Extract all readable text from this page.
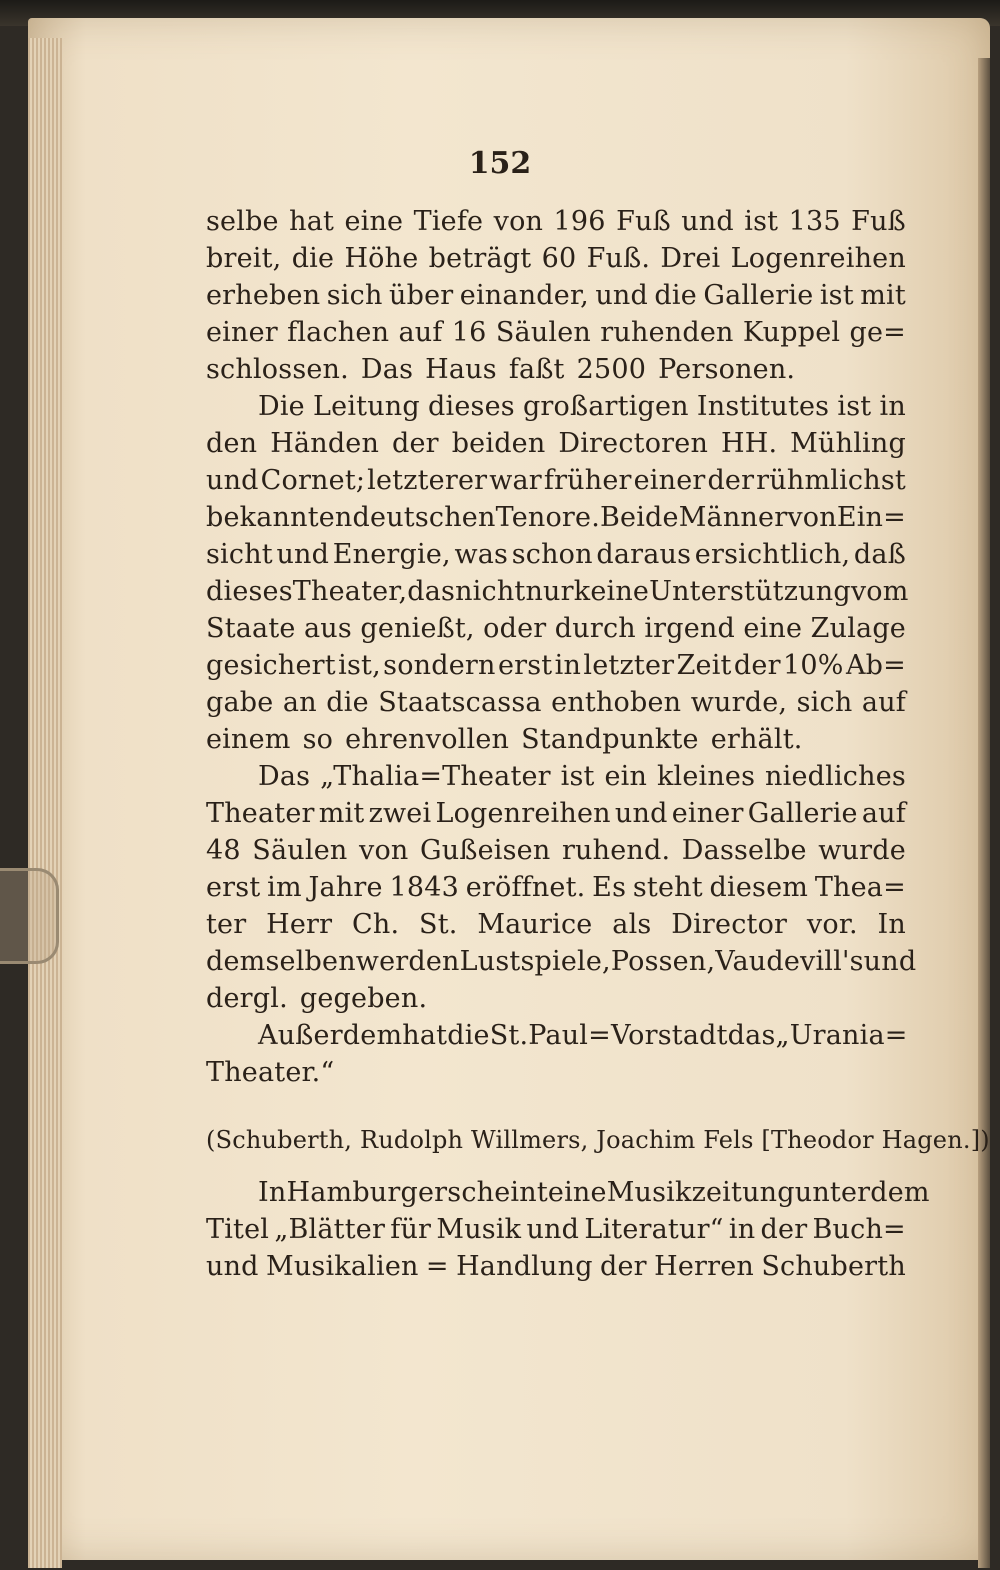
152
selbe hat eine Tiefe von 196 Fuß und ist 135 Fuß
breit, die Höhe beträgt 60 Fuß. Drei Logenreihen
erheben sich über einander, und die Gallerie ist mit
einer flachen auf 16 Säulen ruhenden Kuppel ge=
schlossen. Das Haus faßt 2500 Personen.
Die Leitung dieses großartigen Institutes ist in
den Händen der beiden Directoren HH. Mühling
und Cornet; letzterer war früher einer der rühmlichst
bekannten deutschen Tenore. Beide Männer von Ein=
sicht und Energie, was schon daraus ersichtlich, daß
dieses Theater, das nicht nur keine Unterstützung vom
Staate aus genießt, oder durch irgend eine Zulage
gesichert ist, sondern erst in letzter Zeit der 10% Ab=
gabe an die Staatscassa enthoben wurde, sich auf
einem so ehrenvollen Standpunkte erhält.
Das „Thalia=Theater ist ein kleines niedliches
Theater mit zwei Logenreihen und einer Gallerie auf
48 Säulen von Gußeisen ruhend. Dasselbe wurde
erst im Jahre 1843 eröffnet. Es steht diesem Thea=
ter Herr Ch. St. Maurice als Director vor. In
demselben werden Lustspiele, Possen, Vaudevill's und
dergl. gegeben.
Außerdem hat die St. Paul=Vorstadt das „Urania=
Theater.“
(Schuberth, Rudolph Willmers, Joachim Fels [Theodor Hagen.])
In Hamburg erscheint eine Musikzeitung unter dem
Titel „Blätter für Musik und Literatur“ in der Buch=
und Musikalien = Handlung der Herren Schuberth
